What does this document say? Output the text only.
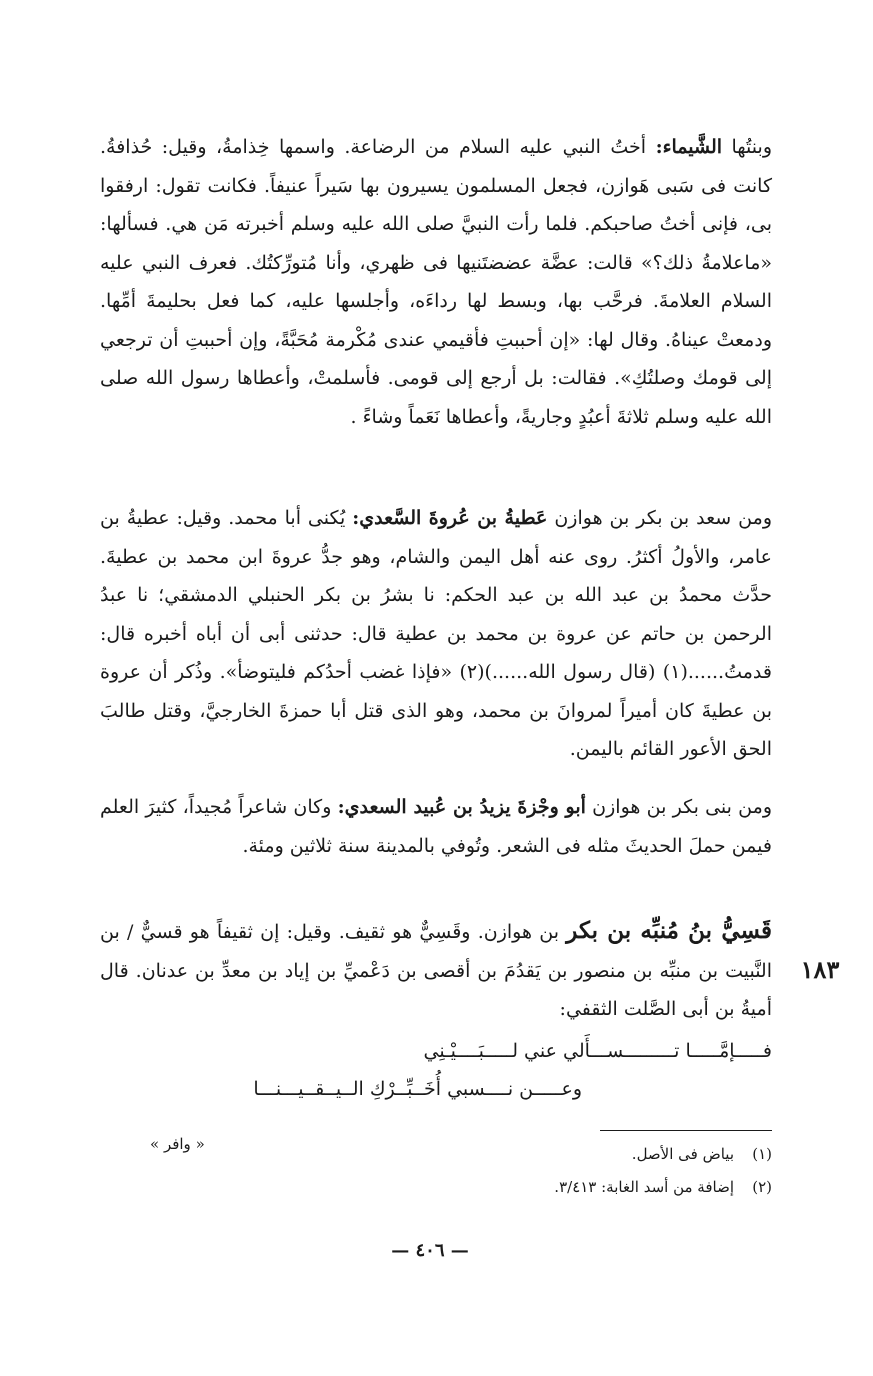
وبنتُها الشَّيماء: أختُ النبي عليه السلام من الرضاعة. واسمها خِذامةُ، وقيل: حُذافةُ. كانت فى سَبى هَوازن، فجعل المسلمون يسيرون بها سَيراً عنيفاً. فكانت تقول: ارفقوا بى، فإنى أختُ صاحبكم. فلما رأت النبيَّ صلى الله عليه وسلم أخبرته مَن هي. فسألها: «ماعلامةُ ذلك؟» قالت: عضَّة عضضتَنيها فى ظهري، وأنا مُتورِّكتُك. فعرف النبي عليه السلام العلامةَ. فرحَّب بها، وبسط لها رداءَه، وأجلسها عليه، كما فعل بحليمةَ أمِّها. ودمعتْ عيناهُ. وقال لها: «إن أحببتِ فأقيمي عندى مُكْرمة مُحَبَّةً، وإن أحببتِ أن ترجعي إلى قومك وصلتُكِ». فقالت: بل أرجع إلى قومى. فأسلمتْ، وأعطاها رسول الله صلى الله عليه وسلم ثلاثةَ أعبُدٍ وجاريةً، وأعطاها نَعَماً وشاءً .

ومن سعد بن بكر بن هوازن عَطيةُ بن عُروةَ السَّعدي: يُكنى أبا محمد. وقيل: عطيةُ بن عامر، والأولُ أكثرُ. روى عنه أهل اليمن والشام، وهو جدُّ عروةَ ابن محمد بن عطيةَ. حدَّث محمدُ بن عبد الله بن عبد الحكم: نا بشرُ بن بكر الحنبلي الدمشقي؛ نا عبدُ الرحمن بن حاتم عن عروة بن محمد بن عطية قال: حدثنى أبى أن أباه أخبره قال: قدمتُ......(١) (قال رسول الله......)(٢) «فإذا غضب أحدُكم فليتوضأ». وذُكر أن عروة بن عطيةَ كان أميراً لمروانَ بن محمد، وهو الذى قتل أبا حمزةَ الخارجيَّ، وقتل طالبَ الحق الأعور القائم باليمن.

ومن بنى بكر بن هوازن أبو وجْزةَ يزيدُ بن عُبيد السعدي: وكان شاعراً مُجيداً، كثيرَ العلم فيمن حملَ الحديثَ مثله فى الشعر. وتُوفي بالمدينة سنة ثلاثين ومئة.

قَسِيُّ بنُ مُنبِّه بن بكر بن هوازن. وقَسِيٌّ هو ثقيف. وقيل: إن ثقيفاً هو قسيٌّ / بن النَّبيت بن منبِّه بن منصور بن يَقدُمَ بن أقصى بن دَعْميِّ بن إياد بن معدِّ بن عدنان. قال أميةُ بن أبى الصَّلت الثقفي:

١٨٣
فـــــإمَّـــــا تـــــــــســـأَلي عني لـــــبَــــيْـنِي
وعـــــن نــــسبي أُخَــبِّــرْكِ الــيــقــيـــنـــا
« وافر »
(١)بياض فى الأصل.
(٢)إضافة من أسد الغابة: ٣/٤١٣.
— ٤٠٦ —
